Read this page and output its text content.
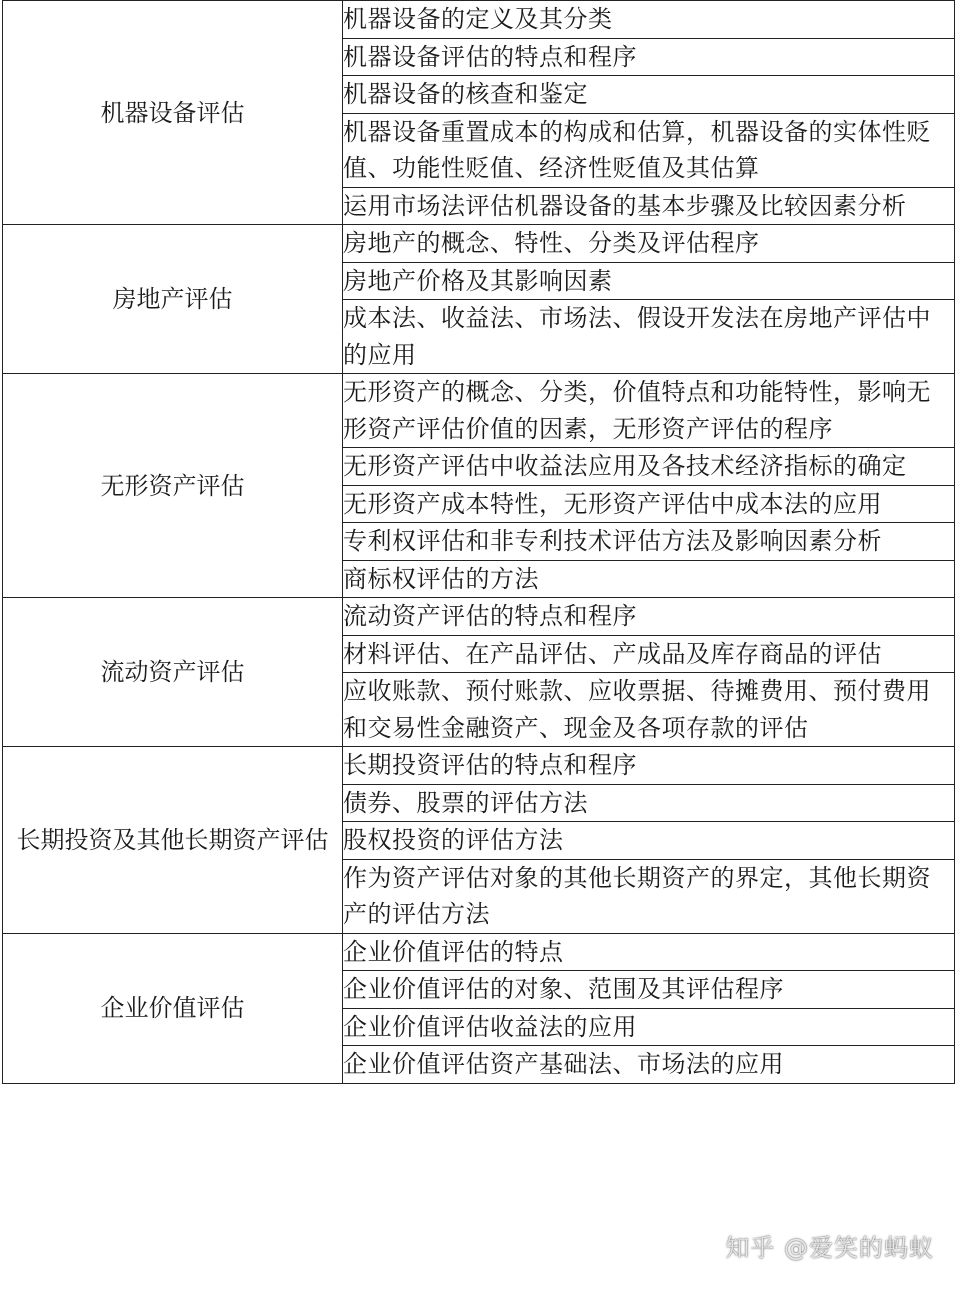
机器设备评估	机器设备的定义及其分类
	机器设备评估的特点和程序
	机器设备的核查和鉴定
	机器设备重置成本的构成和估算，机器设备的实体性贬值、功能性贬值、经济性贬值及其估算
	运用市场法评估机器设备的基本步骤及比较因素分析
房地产评估	房地产的概念、特性、分类及评估程序
	房地产价格及其影响因素
	成本法、收益法、市场法、假设开发法在房地产评估中的应用
无形资产评估	无形资产的概念、分类，价值特点和功能特性，影响无形资产评估价值的因素，无形资产评估的程序
	无形资产评估中收益法应用及各技术经济指标的确定
	无形资产成本特性，无形资产评估中成本法的应用
	专利权评估和非专利技术评估方法及影响因素分析
	商标权评估的方法
流动资产评估	流动资产评估的特点和程序
	材料评估、在产品评估、产成品及库存商品的评估
	应收账款、预付账款、应收票据、待摊费用、预付费用和交易性金融资产、现金及各项存款的评估
长期投资及其他长期资产评估	长期投资评估的特点和程序
	债券、股票的评估方法
	股权投资的评估方法
	作为资产评估对象的其他长期资产的界定，其他长期资产的评估方法
企业价值评估	企业价值评估的特点
	企业价值评估的对象、范围及其评估程序
	企业价值评估收益法的应用
	企业价值评估资产基础法、市场法的应用
知乎 @爱笑的蚂蚁
